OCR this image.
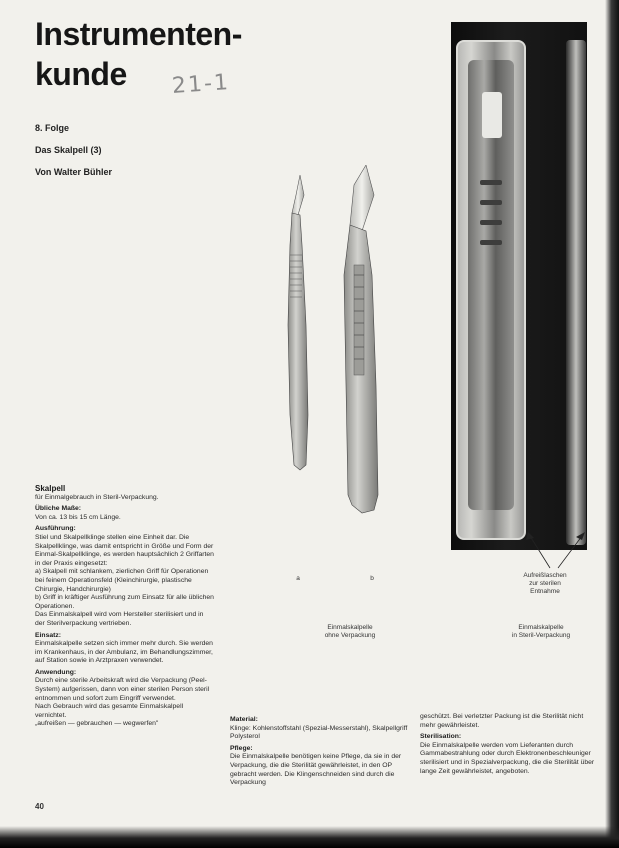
Instrumenten-
kunde	21-1
8. Folge
Das Skalpell (3)
Von Walter Bühler
a	b	Aufreißlaschen
zur sterilen
Entnahme
Einmalskalpelle
ohne Verpackung
Einmalskalpelle
in Steril-Verpackung
Skalpell

für Einmalgebrauch in Steril-Verpackung.

Übliche Maße:

Von ca. 13 bis 15 cm Länge.

Ausführung:

Stiel und Skalpellklinge stellen eine Einheit dar. Die Skalpellklinge, was damit entspricht in Größe und Form der Einmal-Skalpellklinge, es werden hauptsächlich 2 Griffarten in der Praxis eingesetzt:

a) Skalpell mit schlankem, zierlichen Griff für Operationen bei feinem Operationsfeld (Kleinchirurgie, plastische Chirurgie, Handchirurgie)

b) Griff in kräftiger Ausführung zum Einsatz für alle üblichen Operationen.

Das Einmalskalpell wird vom Hersteller sterilisiert und in der Sterilverpackung vertrieben.

Einsatz:

Einmalskalpelle setzen sich immer mehr durch. Sie werden im Krankenhaus, in der Ambulanz, im Behandlungszimmer, auf Station sowie in Arztpraxen verwendet.

Anwendung:

Durch eine sterile Arbeitskraft wird die Verpackung (Peel-System) aufgerissen, dann von einer sterilen Person steril entnommen und sofort zum Eingriff verwendet.

Nach Gebrauch wird das gesamte Einmalskalpell vernichtet.

„aufreißen — gebrauchen — wegwerfen"

Material:

Klinge: Kohlenstoffstahl (Spezial-Messerstahl), Skalpellgriff Polysterol

Pflege:

Die Einmalskalpelle benötigen keine Pflege, da sie in der Verpackung, die die Sterilität gewährleistet, in den OP gebracht werden. Die Klingenschneiden sind durch die Verpackung

geschützt. Bei verletzter Packung ist die Sterilität nicht mehr gewährleistet.

Sterilisation:

Die Einmalskalpelle werden vom Lieferanten durch Gammabestrahlung oder durch Elektronenbeschleuniger sterilisiert und in Spezialverpackung, die die Sterilität über lange Zeit gewährleistet, angeboten.

40
